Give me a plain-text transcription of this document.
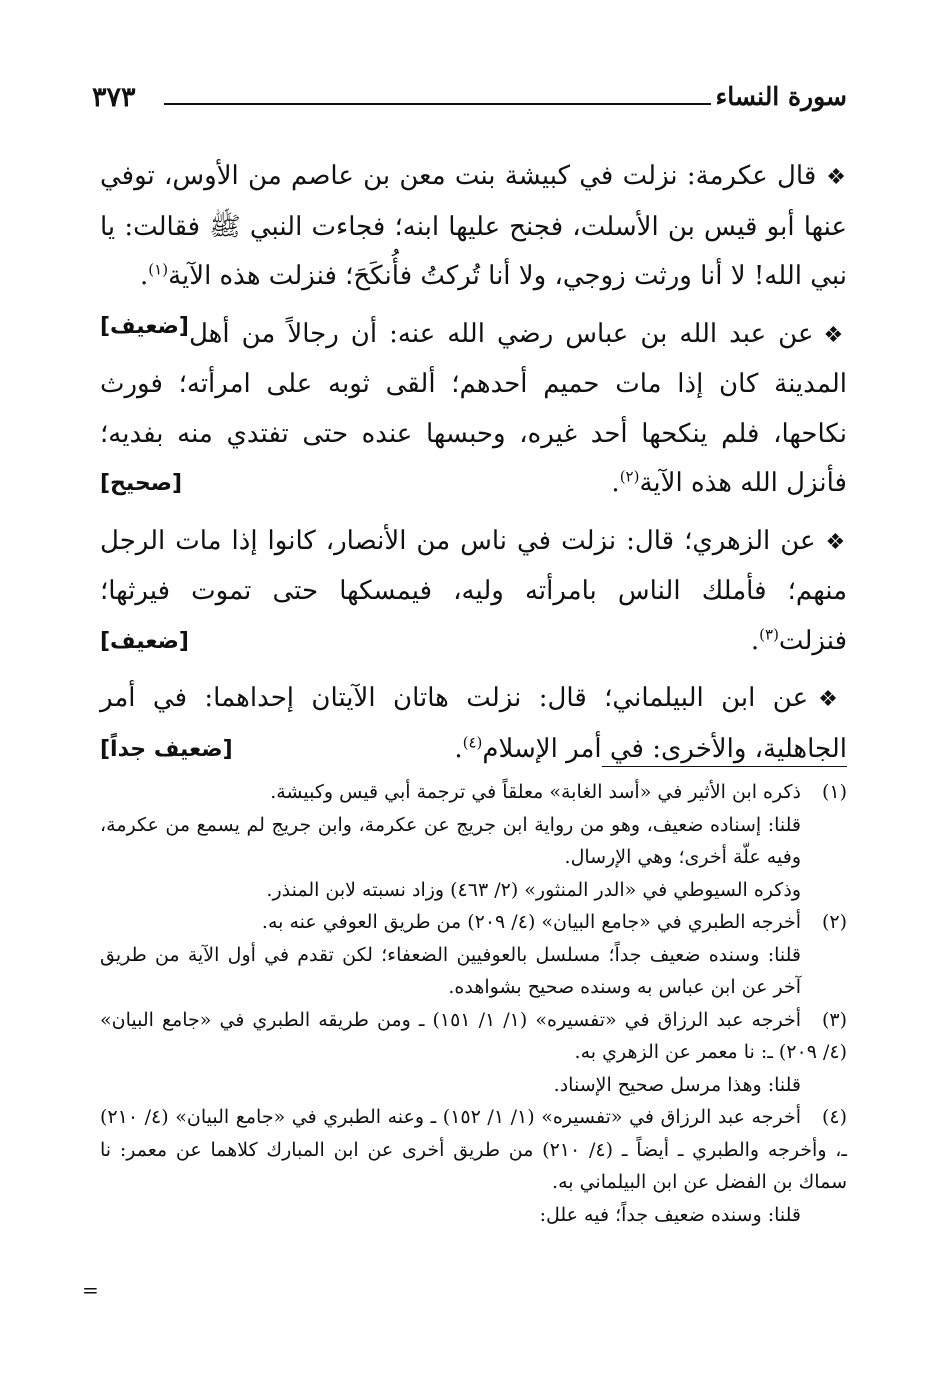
٣٧٣	سورة النساء

❖قال عكرمة: نزلت في كبيشة بنت معن بن عاصم من الأوس، توفي عنها أبو قيس بن الأسلت، فجنح عليها ابنه؛ فجاءت النبي ﷺ فقالت: يا نبي الله! لا أنا ورثت زوجي، ولا أنا تُركتُ فأُنكَحَ؛ فنزلت هذه الآية$^{(١)}$.
[ضعيف]	❖عن عبد الله بن عباس رضي الله عنه: أن رجالاً من أهل المدينة كان إذا مات حميم أحدهم؛ ألقى ثوبه على امرأته؛ فورث نكاحها، فلم ينكحها أحد غيره، وحبسها عنده حتى تفتدي منه بفديه؛ فأنزل الله هذه الآية$^{(٢)}$.
[صحيح]

❖عن الزهري؛ قال: نزلت في ناس من الأنصار، كانوا إذا مات الرجل منهم؛ فأملك الناس بامرأته وليه، فيمسكها حتى تموت فيرثها؛ فنزلت$^{(٣)}$.
[ضعيف]

❖عن ابن البيلماني؛ قال: نزلت هاتان الآيتان إحداهما: في أمر الجاهلية، والأخرى: في أمر الإسلام$^{(٤)}$.
[ضعيف جداً]

(١)ذكره ابن الأثير في «أسد الغابة» معلقاً في ترجمة أبي قيس وكبيشة.
قلنا: إسناده ضعيف، وهو من رواية ابن جريج عن عكرمة، وابن جريج لم يسمع من عكرمة، وفيه علّة أخرى؛ وهي الإرسال.
وذكره السيوطي في «الدر المنثور» (٢/ ٤٦٣) وزاد نسبته لابن المنذر.
(٢)أخرجه الطبري في «جامع البيان» (٤/ ٢٠٩) من طريق العوفي عنه به.
قلنا: وسنده ضعيف جداً؛ مسلسل بالعوفيين الضعفاء؛ لكن تقدم في أول الآية من طريق آخر عن ابن عباس به وسنده صحيح بشواهده.
(٣)أخرجه عبد الرزاق في «تفسيره» (١/ ١/ ١٥١) ـ ومن طريقه الطبري في «جامع البيان» (٤/ ٢٠٩) ـ: نا معمر عن الزهري به.
قلنا: وهذا مرسل صحيح الإسناد.
(٤)أخرجه عبد الرزاق في «تفسيره» (١/ ١/ ١٥٢) ـ وعنه الطبري في «جامع البيان» (٤/ ٢١٠) ـ، وأخرجه والطبري ـ أيضاً ـ (٤/ ٢١٠) من طريق أخرى عن ابن المبارك كلاهما عن معمر: نا سماك بن الفضل عن ابن البيلماني به.
قلنا: وسنده ضعيف جداً؛ فيه علل:
=
